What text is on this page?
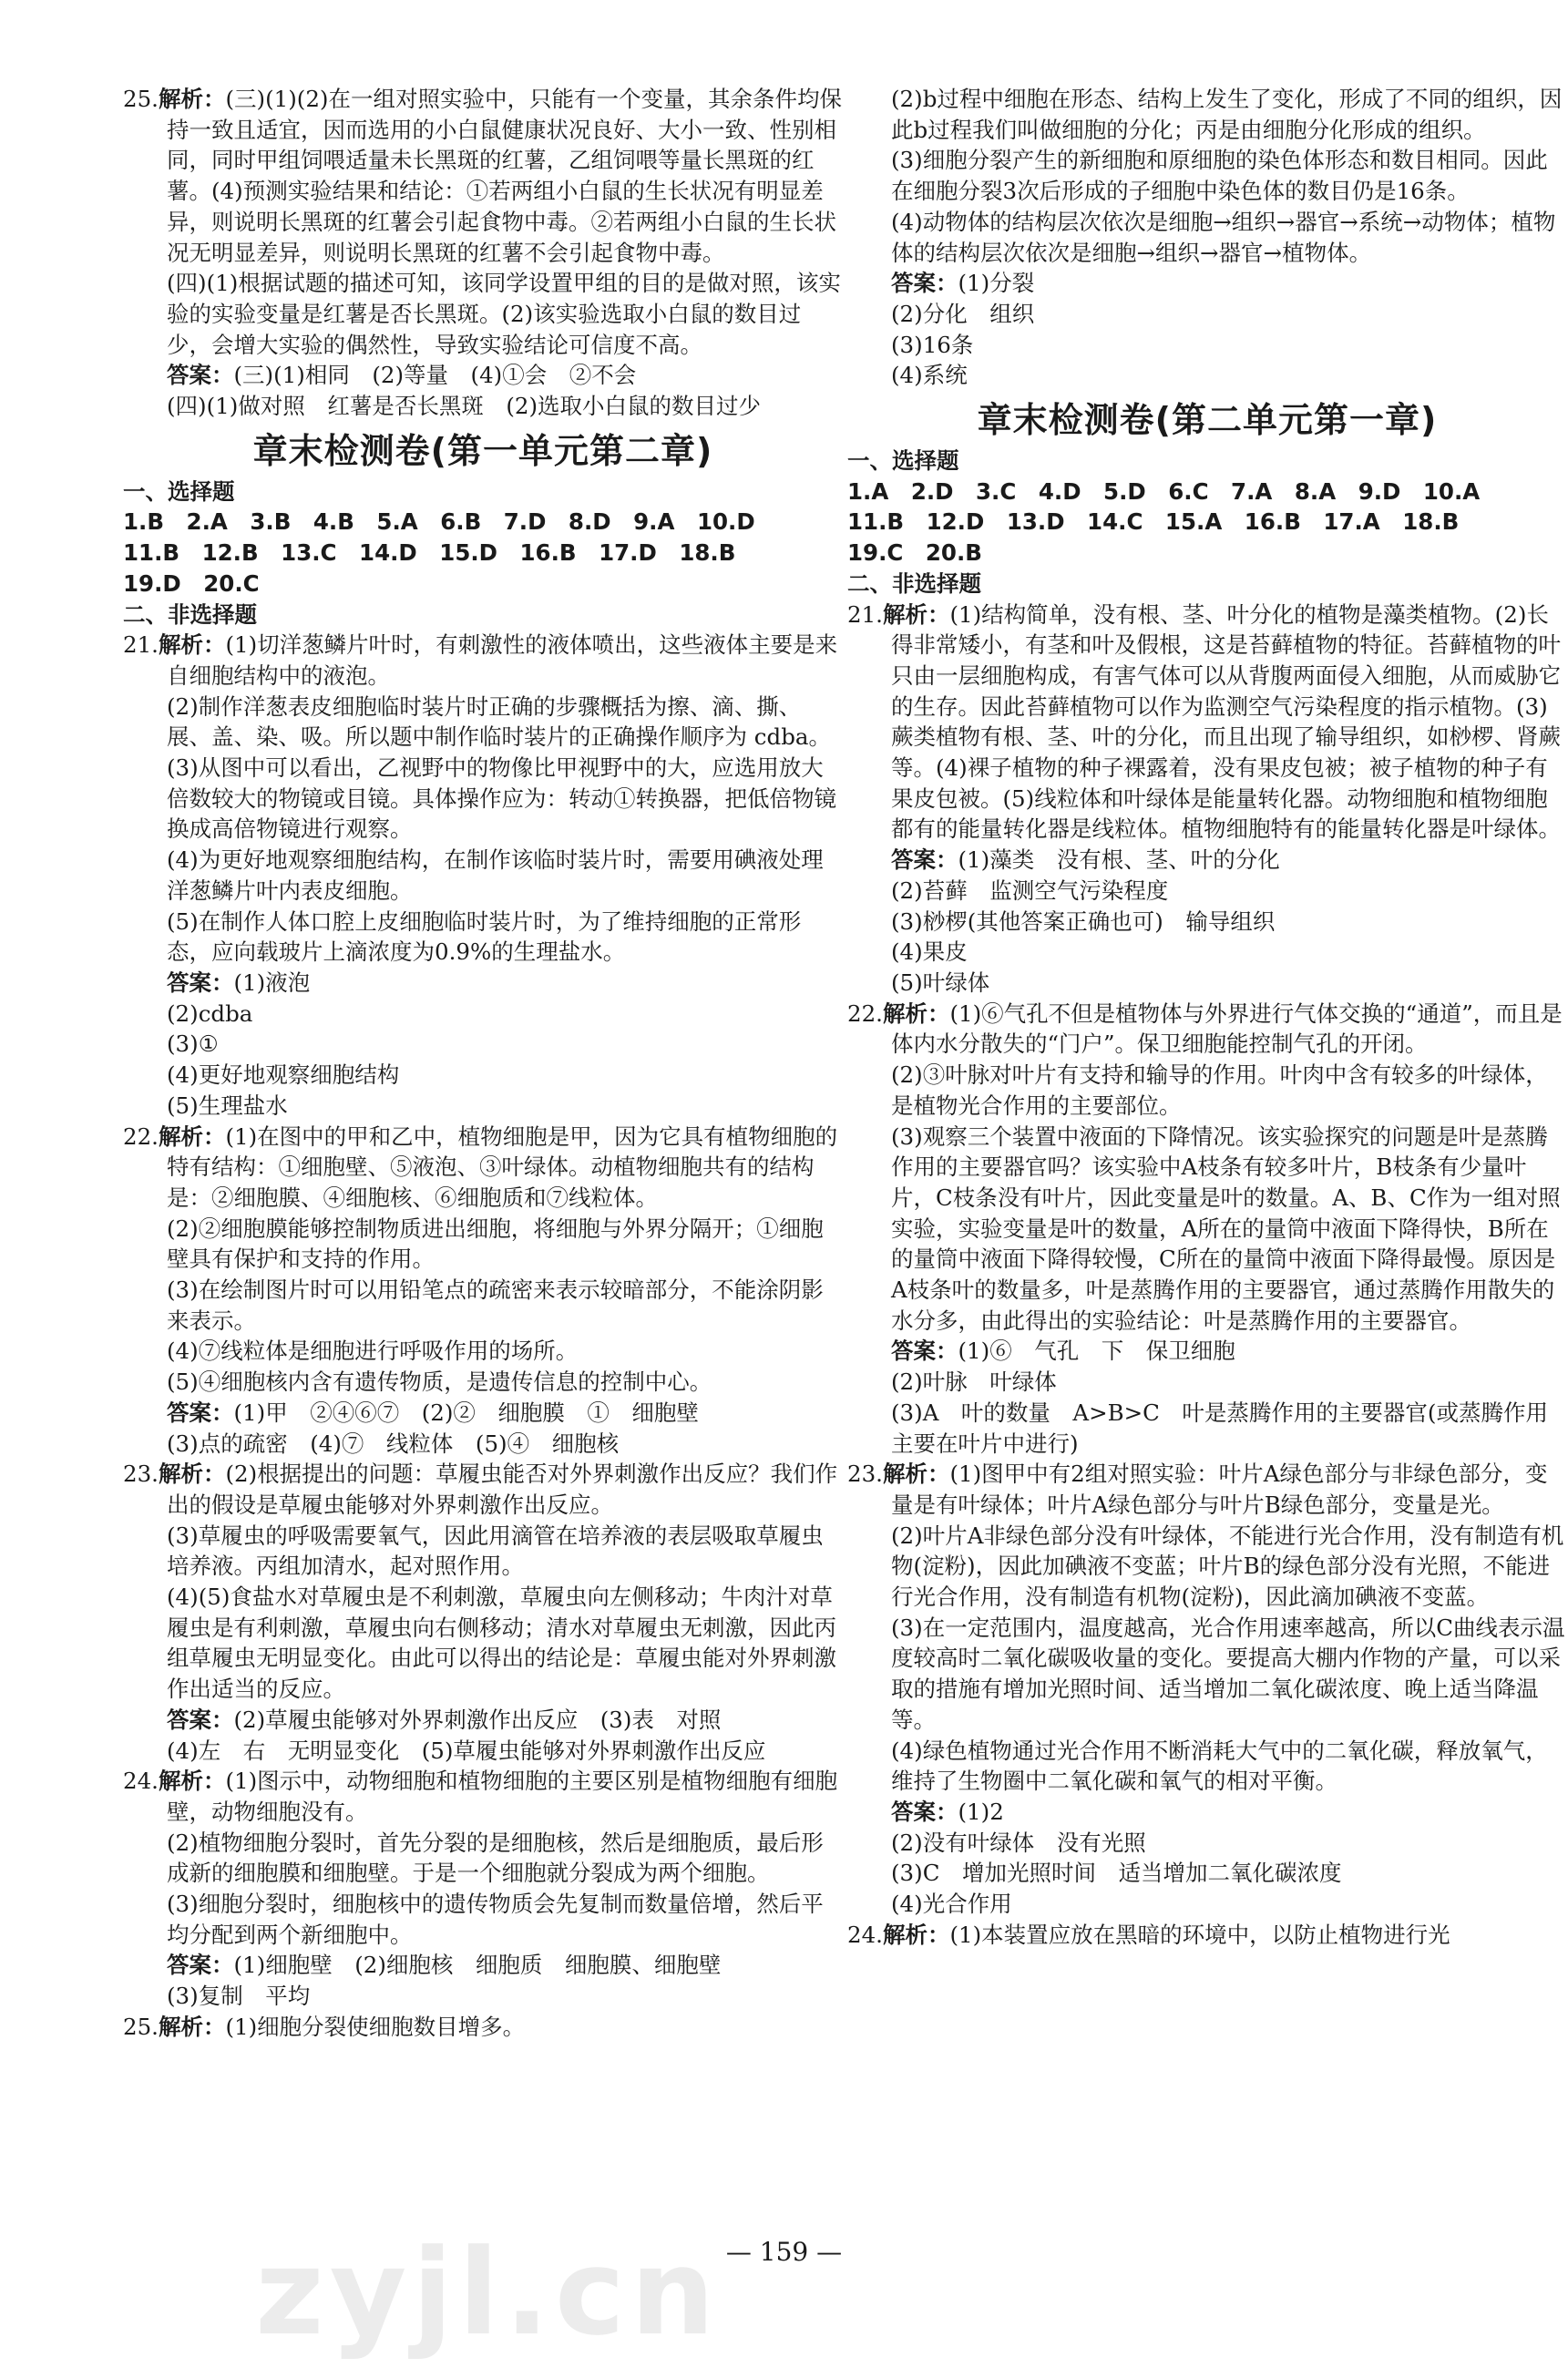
zyjl.cn

25.解析：(三)(1)(2)在一组对照实验中，只能有一个变量，其余条件均保持一致且适宜，因而选用的小白鼠健康状况良好、大小一致、性别相同，同时甲组饲喂适量未长黑斑的红薯，乙组饲喂等量长黑斑的红薯。(4)预测实验结果和结论：①若两组小白鼠的生长状况有明显差异，则说明长黑斑的红薯会引起食物中毒。②若两组小白鼠的生长状况无明显差异，则说明长黑斑的红薯不会引起食物中毒。

(四)(1)根据试题的描述可知，该同学设置甲组的目的是做对照，该实验的实验变量是红薯是否长黑斑。(2)该实验选取小白鼠的数目过少，会增大实验的偶然性，导致实验结论可信度不高。

答案：(三)(1)相同　(2)等量　(4)①会　②不会

(四)(1)做对照　红薯是否长黑斑　(2)选取小白鼠的数目过少

章末检测卷(第一单元第二章)

一、选择题

1.B　2.A　3.B　4.B　5.A　6.B　7.D　8.D　9.A　10.D

11.B　12.B　13.C　14.D　15.D　16.B　17.D　18.B

19.D　20.C

二、非选择题

21.解析：(1)切洋葱鳞片叶时，有刺激性的液体喷出，这些液体主要是来自细胞结构中的液泡。

(2)制作洋葱表皮细胞临时装片时正确的步骤概括为擦、滴、撕、展、盖、染、吸。所以题中制作临时装片的正确操作顺序为 cdba。

(3)从图中可以看出，乙视野中的物像比甲视野中的大，应选用放大倍数较大的物镜或目镜。具体操作应为：转动①转换器，把低倍物镜换成高倍物镜进行观察。

(4)为更好地观察细胞结构，在制作该临时装片时，需要用碘液处理洋葱鳞片叶内表皮细胞。

(5)在制作人体口腔上皮细胞临时装片时，为了维持细胞的正常形态，应向载玻片上滴浓度为0.9%的生理盐水。

答案：(1)液泡

(2)cdba

(3)①

(4)更好地观察细胞结构

(5)生理盐水

22.解析：(1)在图中的甲和乙中，植物细胞是甲，因为它具有植物细胞的特有结构：①细胞壁、⑤液泡、③叶绿体。动植物细胞共有的结构是：②细胞膜、④细胞核、⑥细胞质和⑦线粒体。

(2)②细胞膜能够控制物质进出细胞，将细胞与外界分隔开；①细胞壁具有保护和支持的作用。

(3)在绘制图片时可以用铅笔点的疏密来表示较暗部分，不能涂阴影来表示。

(4)⑦线粒体是细胞进行呼吸作用的场所。

(5)④细胞核内含有遗传物质，是遗传信息的控制中心。

答案：(1)甲　②④⑥⑦　(2)②　细胞膜　①　细胞壁

(3)点的疏密　(4)⑦　线粒体　(5)④　细胞核

23.解析：(2)根据提出的问题：草履虫能否对外界刺激作出反应？我们作出的假设是草履虫能够对外界刺激作出反应。

(3)草履虫的呼吸需要氧气，因此用滴管在培养液的表层吸取草履虫培养液。丙组加清水，起对照作用。

(4)(5)食盐水对草履虫是不利刺激，草履虫向左侧移动；牛肉汁对草履虫是有利刺激，草履虫向右侧移动；清水对草履虫无刺激，因此丙组草履虫无明显变化。由此可以得出的结论是：草履虫能对外界刺激作出适当的反应。

答案：(2)草履虫能够对外界刺激作出反应　(3)表　对照

(4)左　右　无明显变化　(5)草履虫能够对外界刺激作出反应

24.解析：(1)图示中，动物细胞和植物细胞的主要区别是植物细胞有细胞壁，动物细胞没有。

(2)植物细胞分裂时，首先分裂的是细胞核，然后是细胞质，最后形成新的细胞膜和细胞壁。于是一个细胞就分裂成为两个细胞。

(3)细胞分裂时，细胞核中的遗传物质会先复制而数量倍增，然后平均分配到两个新细胞中。

答案：(1)细胞壁　(2)细胞核　细胞质　细胞膜、细胞壁

(3)复制　平均

25.解析：(1)细胞分裂使细胞数目增多。

(2)b过程中细胞在形态、结构上发生了变化，形成了不同的组织，因此b过程我们叫做细胞的分化；丙是由细胞分化形成的组织。

(3)细胞分裂产生的新细胞和原细胞的染色体形态和数目相同。因此在细胞分裂3次后形成的子细胞中染色体的数目仍是16条。

(4)动物体的结构层次依次是细胞→组织→器官→系统→动物体；植物体的结构层次依次是细胞→组织→器官→植物体。

答案：(1)分裂

(2)分化　组织

(3)16条

(4)系统

章末检测卷(第二单元第一章)

一、选择题

1.A　2.D　3.C　4.D　5.D　6.C　7.A　8.A　9.D　10.A

11.B　12.D　13.D　14.C　15.A　16.B　17.A　18.B

19.C　20.B

二、非选择题

21.解析：(1)结构简单，没有根、茎、叶分化的植物是藻类植物。(2)长得非常矮小，有茎和叶及假根，这是苔藓植物的特征。苔藓植物的叶只由一层细胞构成，有害气体可以从背腹两面侵入细胞，从而威胁它的生存。因此苔藓植物可以作为监测空气污染程度的指示植物。(3)蕨类植物有根、茎、叶的分化，而且出现了输导组织，如桫椤、肾蕨等。(4)裸子植物的种子裸露着，没有果皮包被；被子植物的种子有果皮包被。(5)线粒体和叶绿体是能量转化器。动物细胞和植物细胞都有的能量转化器是线粒体。植物细胞特有的能量转化器是叶绿体。

答案：(1)藻类　没有根、茎、叶的分化

(2)苔藓　监测空气污染程度

(3)桫椤(其他答案正确也可)　输导组织

(4)果皮

(5)叶绿体

22.解析：(1)⑥气孔不但是植物体与外界进行气体交换的“通道”，而且是体内水分散失的“门户”。保卫细胞能控制气孔的开闭。

(2)③叶脉对叶片有支持和输导的作用。叶肉中含有较多的叶绿体，是植物光合作用的主要部位。

(3)观察三个装置中液面的下降情况。该实验探究的问题是叶是蒸腾作用的主要器官吗？该实验中A枝条有较多叶片，B枝条有少量叶片，C枝条没有叶片，因此变量是叶的数量。A、B、C作为一组对照实验，实验变量是叶的数量，A所在的量筒中液面下降得快，B所在的量筒中液面下降得较慢，C所在的量筒中液面下降得最慢。原因是A枝条叶的数量多，叶是蒸腾作用的主要器官，通过蒸腾作用散失的水分多，由此得出的实验结论：叶是蒸腾作用的主要器官。

答案：(1)⑥　气孔　下　保卫细胞

(2)叶脉　叶绿体

(3)A　叶的数量　A>B>C　叶是蒸腾作用的主要器官(或蒸腾作用主要在叶片中进行)

23.解析：(1)图甲中有2组对照实验：叶片A绿色部分与非绿色部分，变量是有叶绿体；叶片A绿色部分与叶片B绿色部分，变量是光。

(2)叶片A非绿色部分没有叶绿体，不能进行光合作用，没有制造有机物(淀粉)，因此加碘液不变蓝；叶片B的绿色部分没有光照，不能进行光合作用，没有制造有机物(淀粉)，因此滴加碘液不变蓝。

(3)在一定范围内，温度越高，光合作用速率越高，所以C曲线表示温度较高时二氧化碳吸收量的变化。要提高大棚内作物的产量，可以采取的措施有增加光照时间、适当增加二氧化碳浓度、晚上适当降温等。

(4)绿色植物通过光合作用不断消耗大气中的二氧化碳，释放氧气，维持了生物圈中二氧化碳和氧气的相对平衡。

答案：(1)2

(2)没有叶绿体　没有光照

(3)C　增加光照时间　适当增加二氧化碳浓度

(4)光合作用

24.解析：(1)本装置应放在黑暗的环境中，以防止植物进行光

— 159 —
